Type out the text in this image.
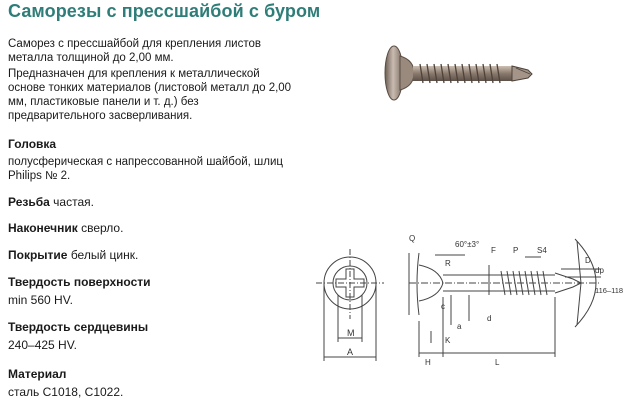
Саморезы с прессшайбой с буром
Саморез с прессшайбой для крепления листов металла толщиной до 2,00 мм.
Предназначен для крепления к металлической основе тонких материалов (листовой металл до 2,00 мм, пластиковые панели и т. д.) без предварительного засверливания.
Головка
полусферическая с напрессованной шайбой, шлиц Philips № 2.
Резьба частая.
Наконечник сверло.
Покрытие белый цинк.
Твердость поверхности
min 560 HV.
Твердость сердцевины
240–425 HV.
Материал
сталь C1018, C1022.
M
A
Q
R
60°±3°
F P S4
D
dp
116–118
c
a
d
K
H	L
